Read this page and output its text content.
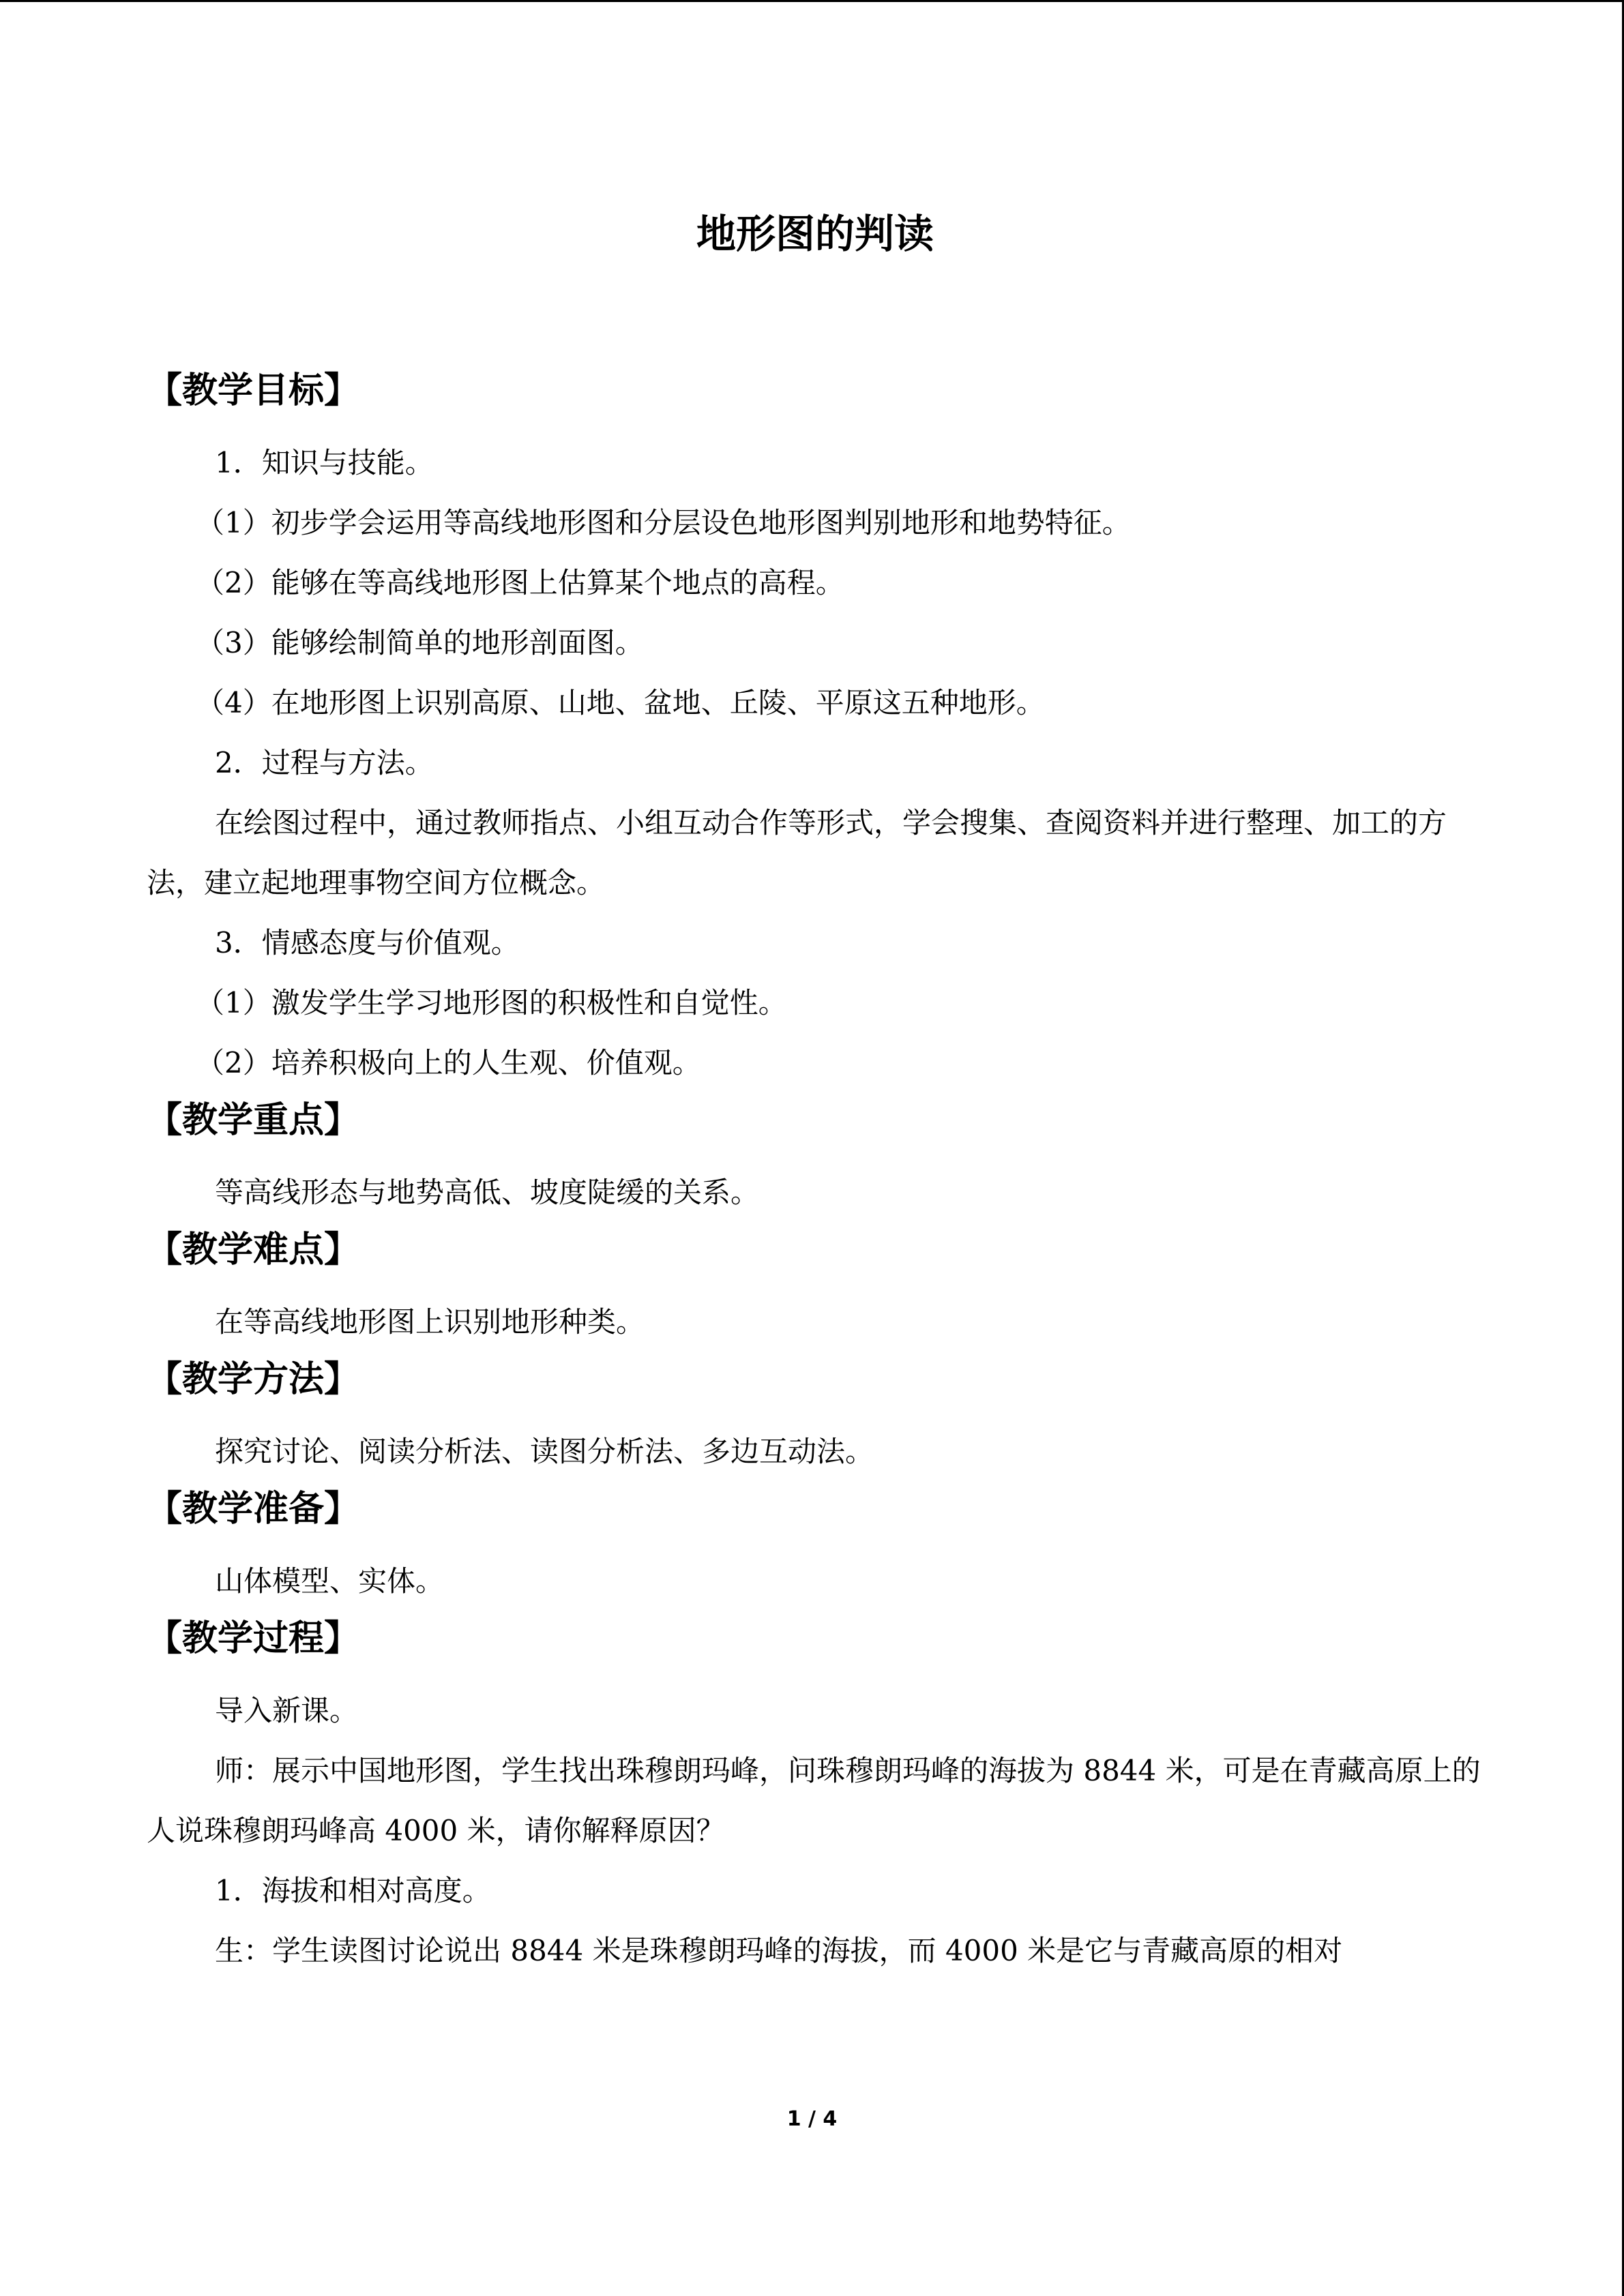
地形图的判读
【教学目标】

1．知识与技能。

（1）初步学会运用等高线地形图和分层设色地形图判别地形和地势特征。

（2）能够在等高线地形图上估算某个地点的高程。

（3）能够绘制简单的地形剖面图。

（4）在地形图上识别高原、山地、盆地、丘陵、平原这五种地形。

2．过程与方法。

在绘图过程中，通过教师指点、小组互动合作等形式，学会搜集、查阅资料并进行整理、加工的方法，建立起地理事物空间方位概念。

3．情感态度与价值观。

（1）激发学生学习地形图的积极性和自觉性。

（2）培养积极向上的人生观、价值观。

【教学重点】

等高线形态与地势高低、坡度陡缓的关系。

【教学难点】

在等高线地形图上识别地形种类。

【教学方法】

探究讨论、阅读分析法、读图分析法、多边互动法。

【教学准备】

山体模型、实体。

【教学过程】

导入新课。

师：展示中国地形图，学生找出珠穆朗玛峰，问珠穆朗玛峰的海拔为 8844 米，可是在青藏高原上的人说珠穆朗玛峰高 4000 米，请你解释原因？

1．海拔和相对高度。

生：学生读图讨论说出 8844 米是珠穆朗玛峰的海拔，而 4000 米是它与青藏高原的相对

1 / 4
